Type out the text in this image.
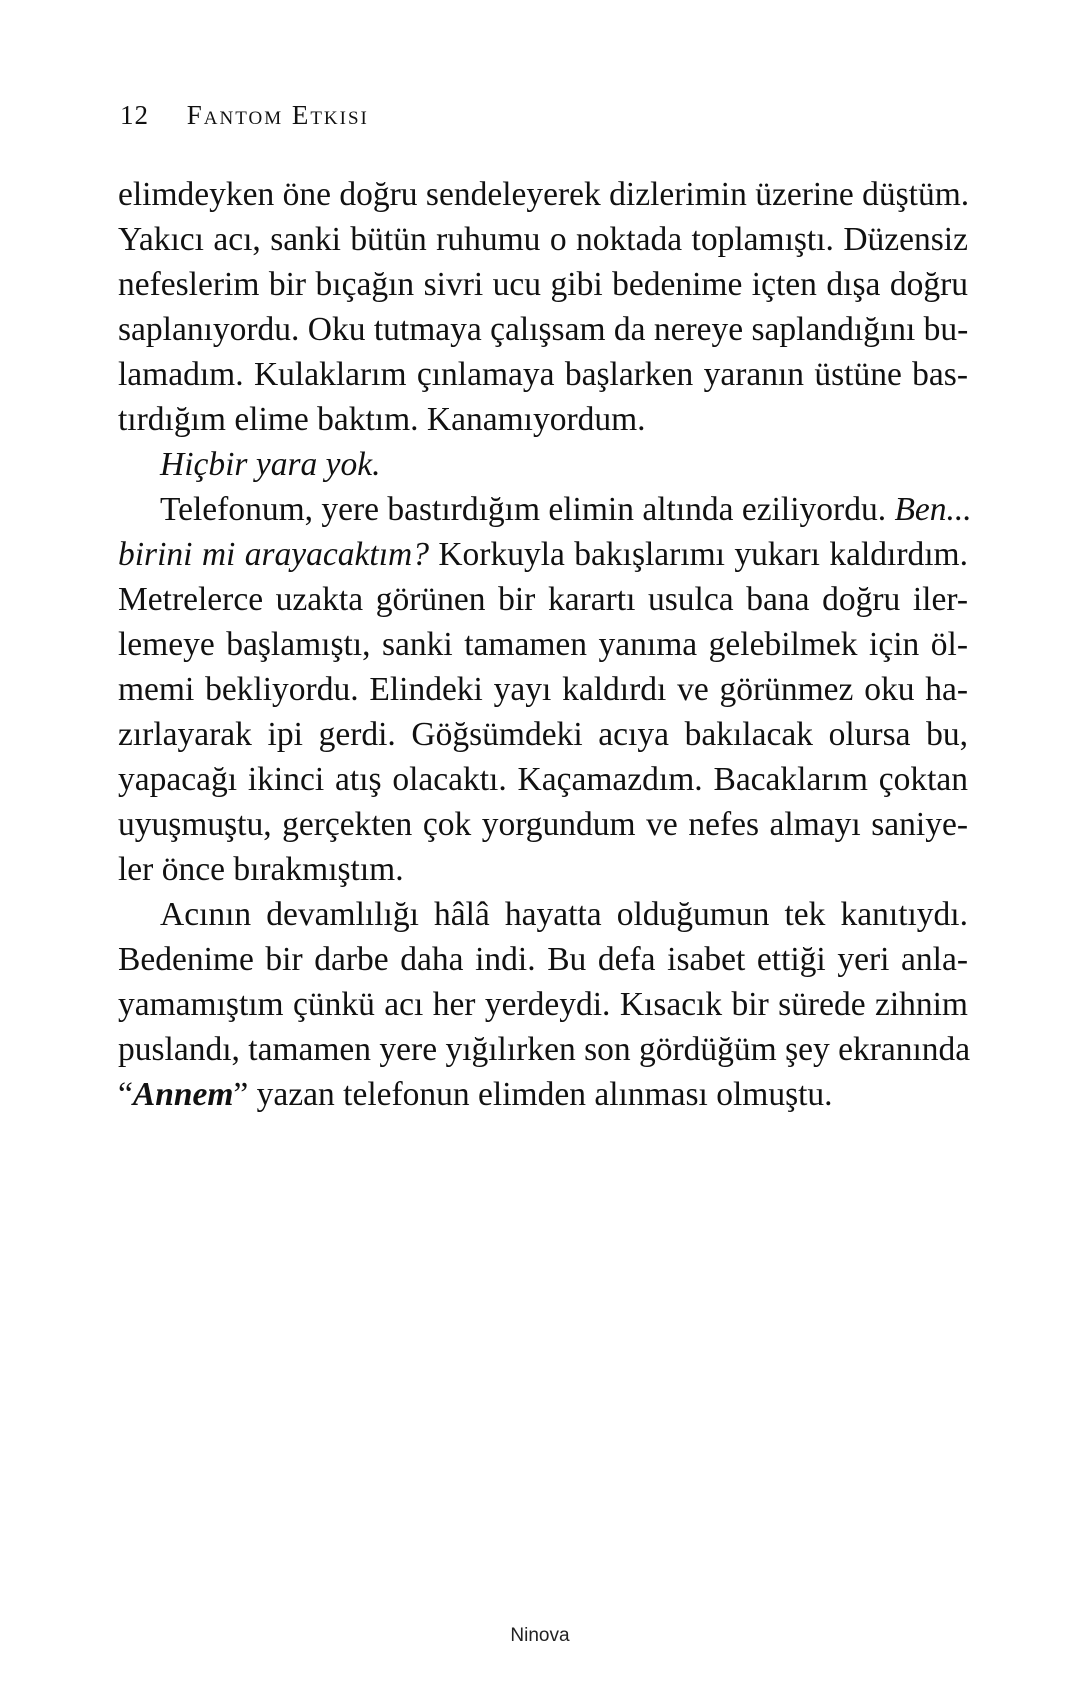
12 Fantom Etkisi
elimdeyken öne doğru sendeleyerek dizlerimin üzerine düştüm.
Yakıcı acı, sanki bütün ruhumu o noktada toplamıştı. Düzensiz
nefeslerim bir bıçağın sivri ucu gibi bedenime içten dışa doğru
saplanıyordu. Oku tutmaya çalışsam da nereye saplandığını bu-
lamadım. Kulaklarım çınlamaya başlarken yaranın üstüne bas-
tırdığım elime baktım. Kanamıyordum.
Hiçbir yara yok.
Telefonum, yere bastırdığım elimin altında eziliyordu. Ben...
birini mi arayacaktım? Korkuyla bakışlarımı yukarı kaldırdım.
Metrelerce uzakta görünen bir karartı usulca bana doğru iler-
lemeye başlamıştı, sanki tamamen yanıma gelebilmek için öl-
memi bekliyordu. Elindeki yayı kaldırdı ve görünmez oku ha-
zırlayarak ipi gerdi. Göğsümdeki acıya bakılacak olursa bu,
yapacağı ikinci atış olacaktı. Kaçamazdım. Bacaklarım çoktan
uyuşmuştu, gerçekten çok yorgundum ve nefes almayı saniye-
ler önce bırakmıştım.
Acının devamlılığı hâlâ hayatta olduğumun tek kanıtıydı.
Bedenime bir darbe daha indi. Bu defa isabet ettiği yeri anla-
yamamıştım çünkü acı her yerdeydi. Kısacık bir sürede zihnim
puslandı, tamamen yere yığılırken son gördüğüm şey ekranında
“Annem” yazan telefonun elimden alınması olmuştu.
Ninova
